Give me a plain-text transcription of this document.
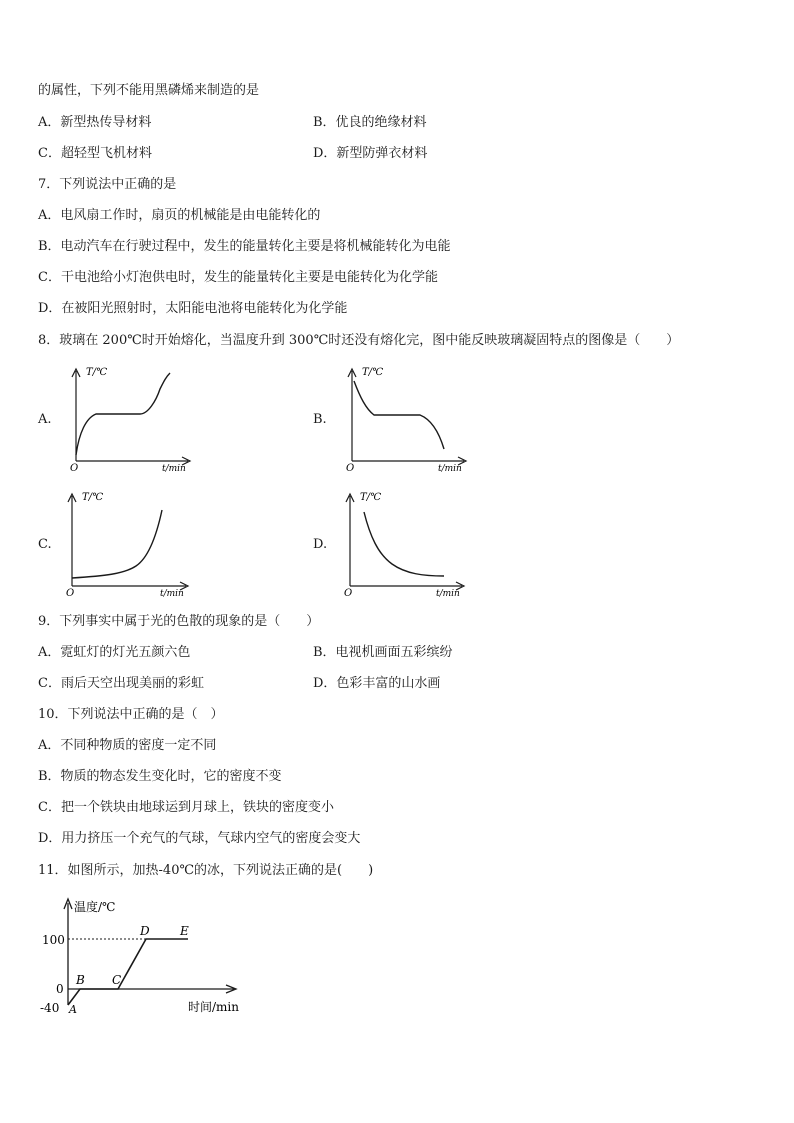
的属性，下列不能用黑磷烯来制造的是
A．新型热传导材料	B．优良的绝缘材料
C．超轻型飞机材料	D．新型防弹衣材料
7．下列说法中正确的是
A．电风扇工作时，扇页的机械能是由电能转化的
B．电动汽车在行驶过程中，发生的能量转化主要是将机械能转化为电能
C．干电池给小灯泡供电时，发生的能量转化主要是电能转化为化学能
D．在被阳光照射时，太阳能电池将电能转化为化学能
8．玻璃在 200℃时开始熔化，当温度升到 300℃时还没有熔化完，图中能反映玻璃凝固特点的图像是（　　）
A.
T/℃
O	t/min
B.
T/℃
O	t/min
C.
T/℃
O	t/min
D.
T/℃
O	t/min
9．下列事实中属于光的色散的现象的是（　　）
A．霓虹灯的灯光五颜六色	B．电视机画面五彩缤纷
C．雨后天空出现美丽的彩虹	D．色彩丰富的山水画
10．下列说法中正确的是（　）
A．不同种物质的密度一定不同
B．物质的物态发生变化时，它的密度不变
C．把一个铁块由地球运到月球上，铁块的密度变小
D．用力挤压一个充气的气球，气球内空气的密度会变大
11．如图所示，加热-40℃的冰，下列说法正确的是(　　)
温度/℃
100
0
-40 A
B C
D	E
时间/min
